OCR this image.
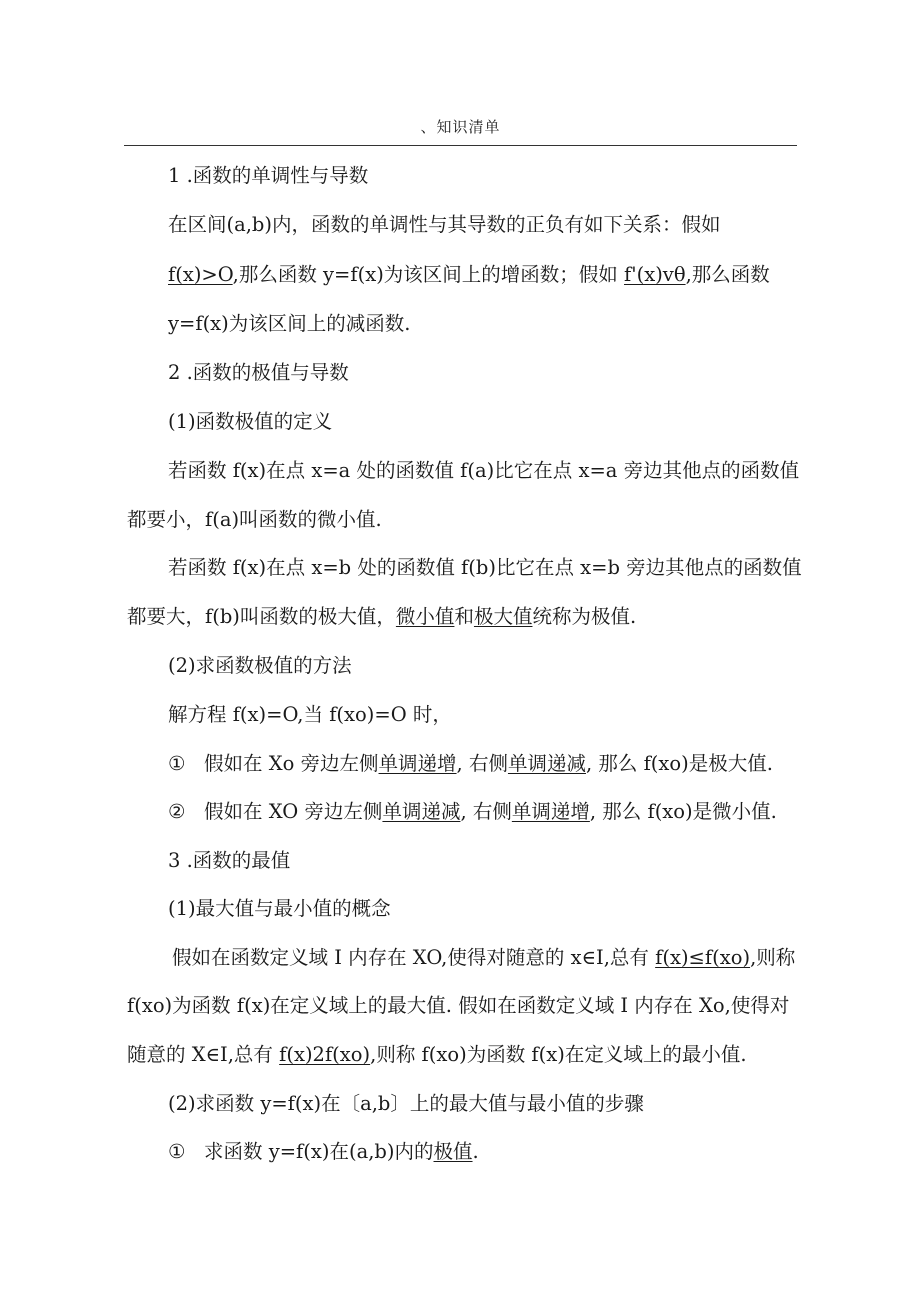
、知识清单
1 .函数的单调性与导数
在区间(a,b)内，函数的单调性与其导数的正负有如下关系：假如
f(x)>O,那么函数 y=f(x)为该区间上的增函数；假如 f'(x)vθ,那么函数
y=f(x)为该区间上的减函数.
2 .函数的极值与导数
(1)函数极值的定义
若函数 f(x)在点 x=a 处的函数值 f(a)比它在点 x=a 旁边其他点的函数值
都要小，f(a)叫函数的微小值.
若函数 f(x)在点 x=b 处的函数值 f(b)比它在点 x=b 旁边其他点的函数值
都要大，f(b)叫函数的极大值，微小值和极大值统称为极值.
(2)求函数极值的方法
解方程 f(x)=O,当 f(xo)=O 时，
① 假如在 Xo 旁边左侧单调递增, 右侧单调递减, 那么 f(xo)是极大值.
② 假如在 XO 旁边左侧单调递减, 右侧单调递增, 那么 f(xo)是微小值.
3 .函数的最值
(1)最大值与最小值的概念
假如在函数定义域 I 内存在 XO,使得对随意的 x∈I,总有 f(x)≤f(xo),则称
f(xo)为函数 f(x)在定义域上的最大值. 假如在函数定义域 I 内存在 Xo,使得对
随意的 X∈I,总有 f(x)2f(xo),则称 f(xo)为函数 f(x)在定义域上的最小值.
(2)求函数 y=f(x)在〔a,b〕上的最大值与最小值的步骤
① 求函数 y=f(x)在(a,b)内的极值.
